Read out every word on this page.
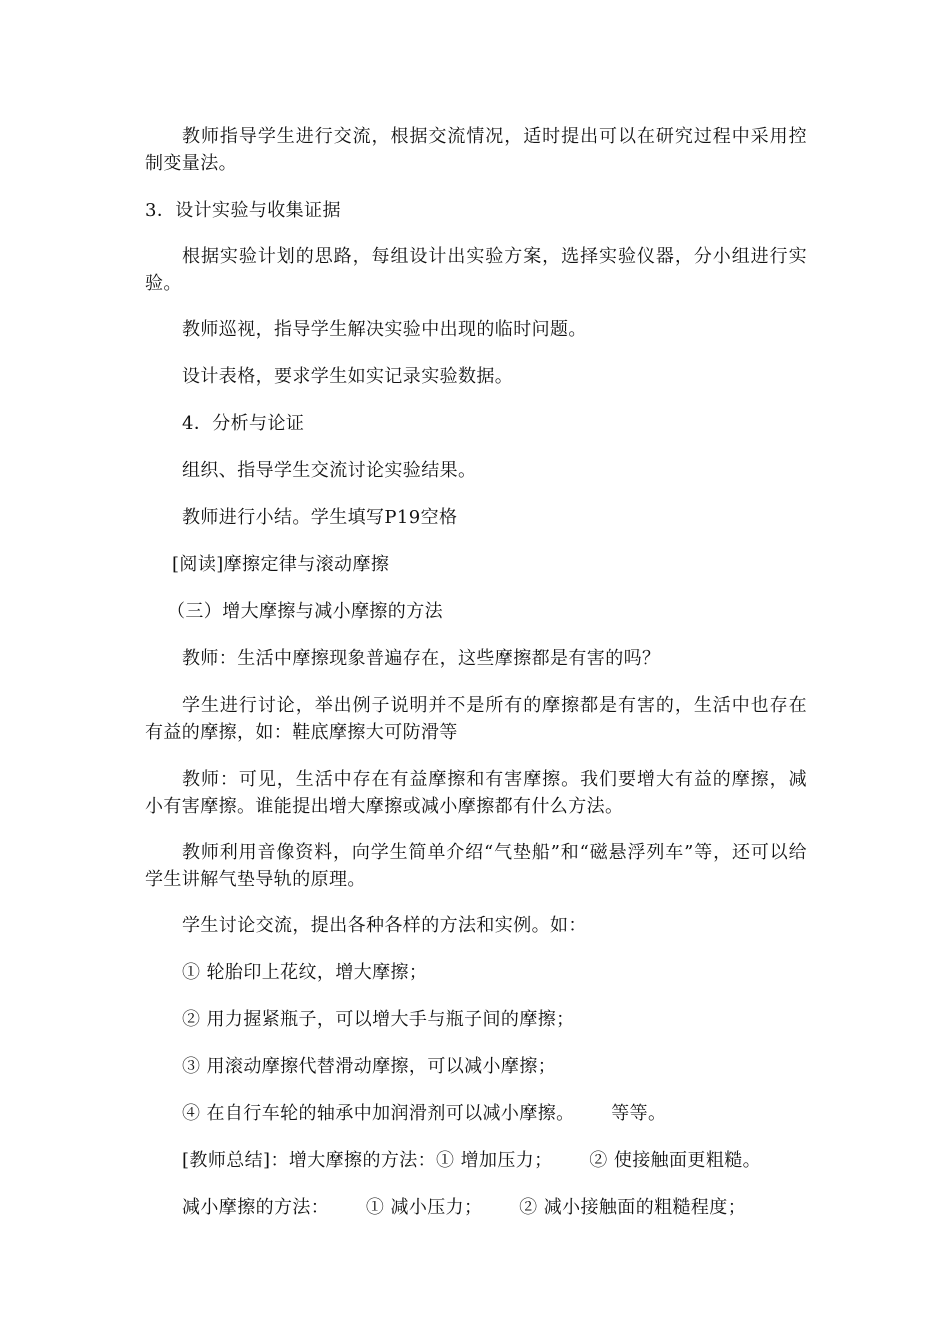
教师指导学生进行交流，根据交流情况，适时提出可以在研究过程中采用控制变量法。

3．设计实验与收集证据

根据实验计划的思路，每组设计出实验方案，选择实验仪器，分小组进行实验。

教师巡视，指导学生解决实验中出现的临时问题。

设计表格，要求学生如实记录实验数据。

4．分析与论证

组织、指导学生交流讨论实验结果。

教师进行小结。学生填写P19空格

[阅读]摩擦定律与滚动摩擦

（三）增大摩擦与减小摩擦的方法

教师：生活中摩擦现象普遍存在，这些摩擦都是有害的吗？

学生进行讨论，举出例子说明并不是所有的摩擦都是有害的，生活中也存在有益的摩擦，如：鞋底摩擦大可防滑等

教师：可见，生活中存在有益摩擦和有害摩擦。我们要增大有益的摩擦，减小有害摩擦。谁能提出增大摩擦或减小摩擦都有什么方法。

教师利用音像资料，向学生简单介绍“气垫船”和“磁悬浮列车”等，还可以给学生讲解气垫导轨的原理。

学生讨论交流，提出各种各样的方法和实例。如：

① 轮胎印上花纹，增大摩擦；

② 用力握紧瓶子，可以增大手与瓶子间的摩擦；

③ 用滚动摩擦代替滑动摩擦，可以减小摩擦；

④ 在自行车轮的轴承中加润滑剂可以减小摩擦。      等等。

[教师总结]：增大摩擦的方法：① 增加压力；      ② 使接触面更粗糙。

减小摩擦的方法：      ① 减小压力；      ② 减小接触面的粗糙程度；
